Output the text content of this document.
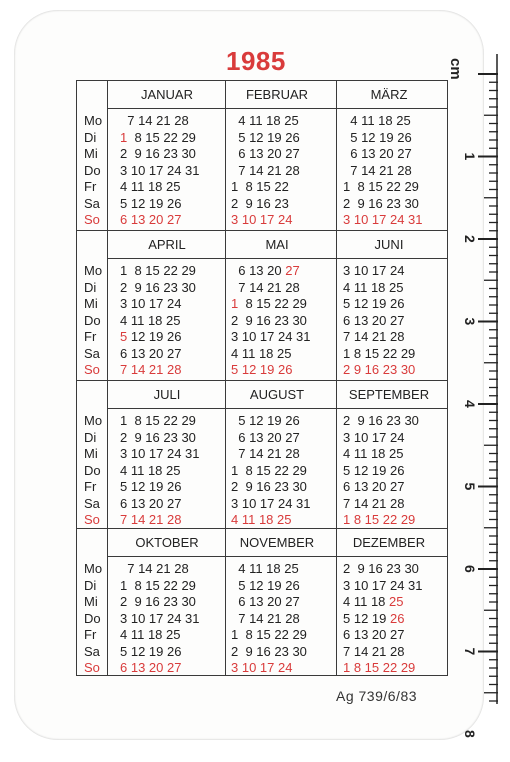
1985
Mo
Di
Mi
Do
Fr
Sa
So
JANUAR
7 14 21 28
1  8 15 22 29
2  9 16 23 30
3 10 17 24 31
4 11 18 25
5 12 19 26
6 13 20 27
FEBRUAR
4 11 18 25
5 12 19 26
6 13 20 27
7 14 21 28
1  8 15 22
2  9 16 23
3 10 17 24
MÄRZ
4 11 18 25
5 12 19 26
6 13 20 27
7 14 21 28
1  8 15 22 29
2  9 16 23 30
3 10 17 24 31
Mo
Di
Mi
Do
Fr
Sa
So
APRIL
1  8 15 22 29
2  9 16 23 30
3 10 17 24
4 11 18 25
5 12 19 26
6 13 20 27
7 14 21 28
MAI
6 13 20 27
7 14 21 28
1  8 15 22 29
2  9 16 23 30
3 10 17 24 31
4 11 18 25
5 12 19 26
JUNI
3 10 17 24
4 11 18 25
5 12 19 26
6 13 20 27
7 14 21 28
1 8 15 22 29
2 9 16 23 30
Mo
Di
Mi
Do
Fr
Sa
So
JULI
1  8 15 22 29
2  9 16 23 30
3 10 17 24 31
4 11 18 25
5 12 19 26
6 13 20 27
7 14 21 28
AUGUST
5 12 19 26
6 13 20 27
7 14 21 28
1  8 15 22 29
2  9 16 23 30
3 10 17 24 31
4 11 18 25
SEPTEMBER
2  9 16 23 30
3 10 17 24
4 11 18 25
5 12 19 26
6 13 20 27
7 14 21 28
1 8 15 22 29
Mo
Di
Mi
Do
Fr
Sa
So
OKTOBER
7 14 21 28
1  8 15 22 29
2  9 16 23 30
3 10 17 24 31
4 11 18 25
5 12 19 26
6 13 20 27
NOVEMBER
4 11 18 25
5 12 19 26
6 13 20 27
7 14 21 28
1  8 15 22 29
2  9 16 23 30
3 10 17 24
DEZEMBER
2  9 16 23 30
3 10 17 24 31
4 11 18 25
5 12 19 26
6 13 20 27
7 14 21 28
1 8 15 22 29
Ag 739/6/83
1
2
3
4
5
6
7
8
cm
